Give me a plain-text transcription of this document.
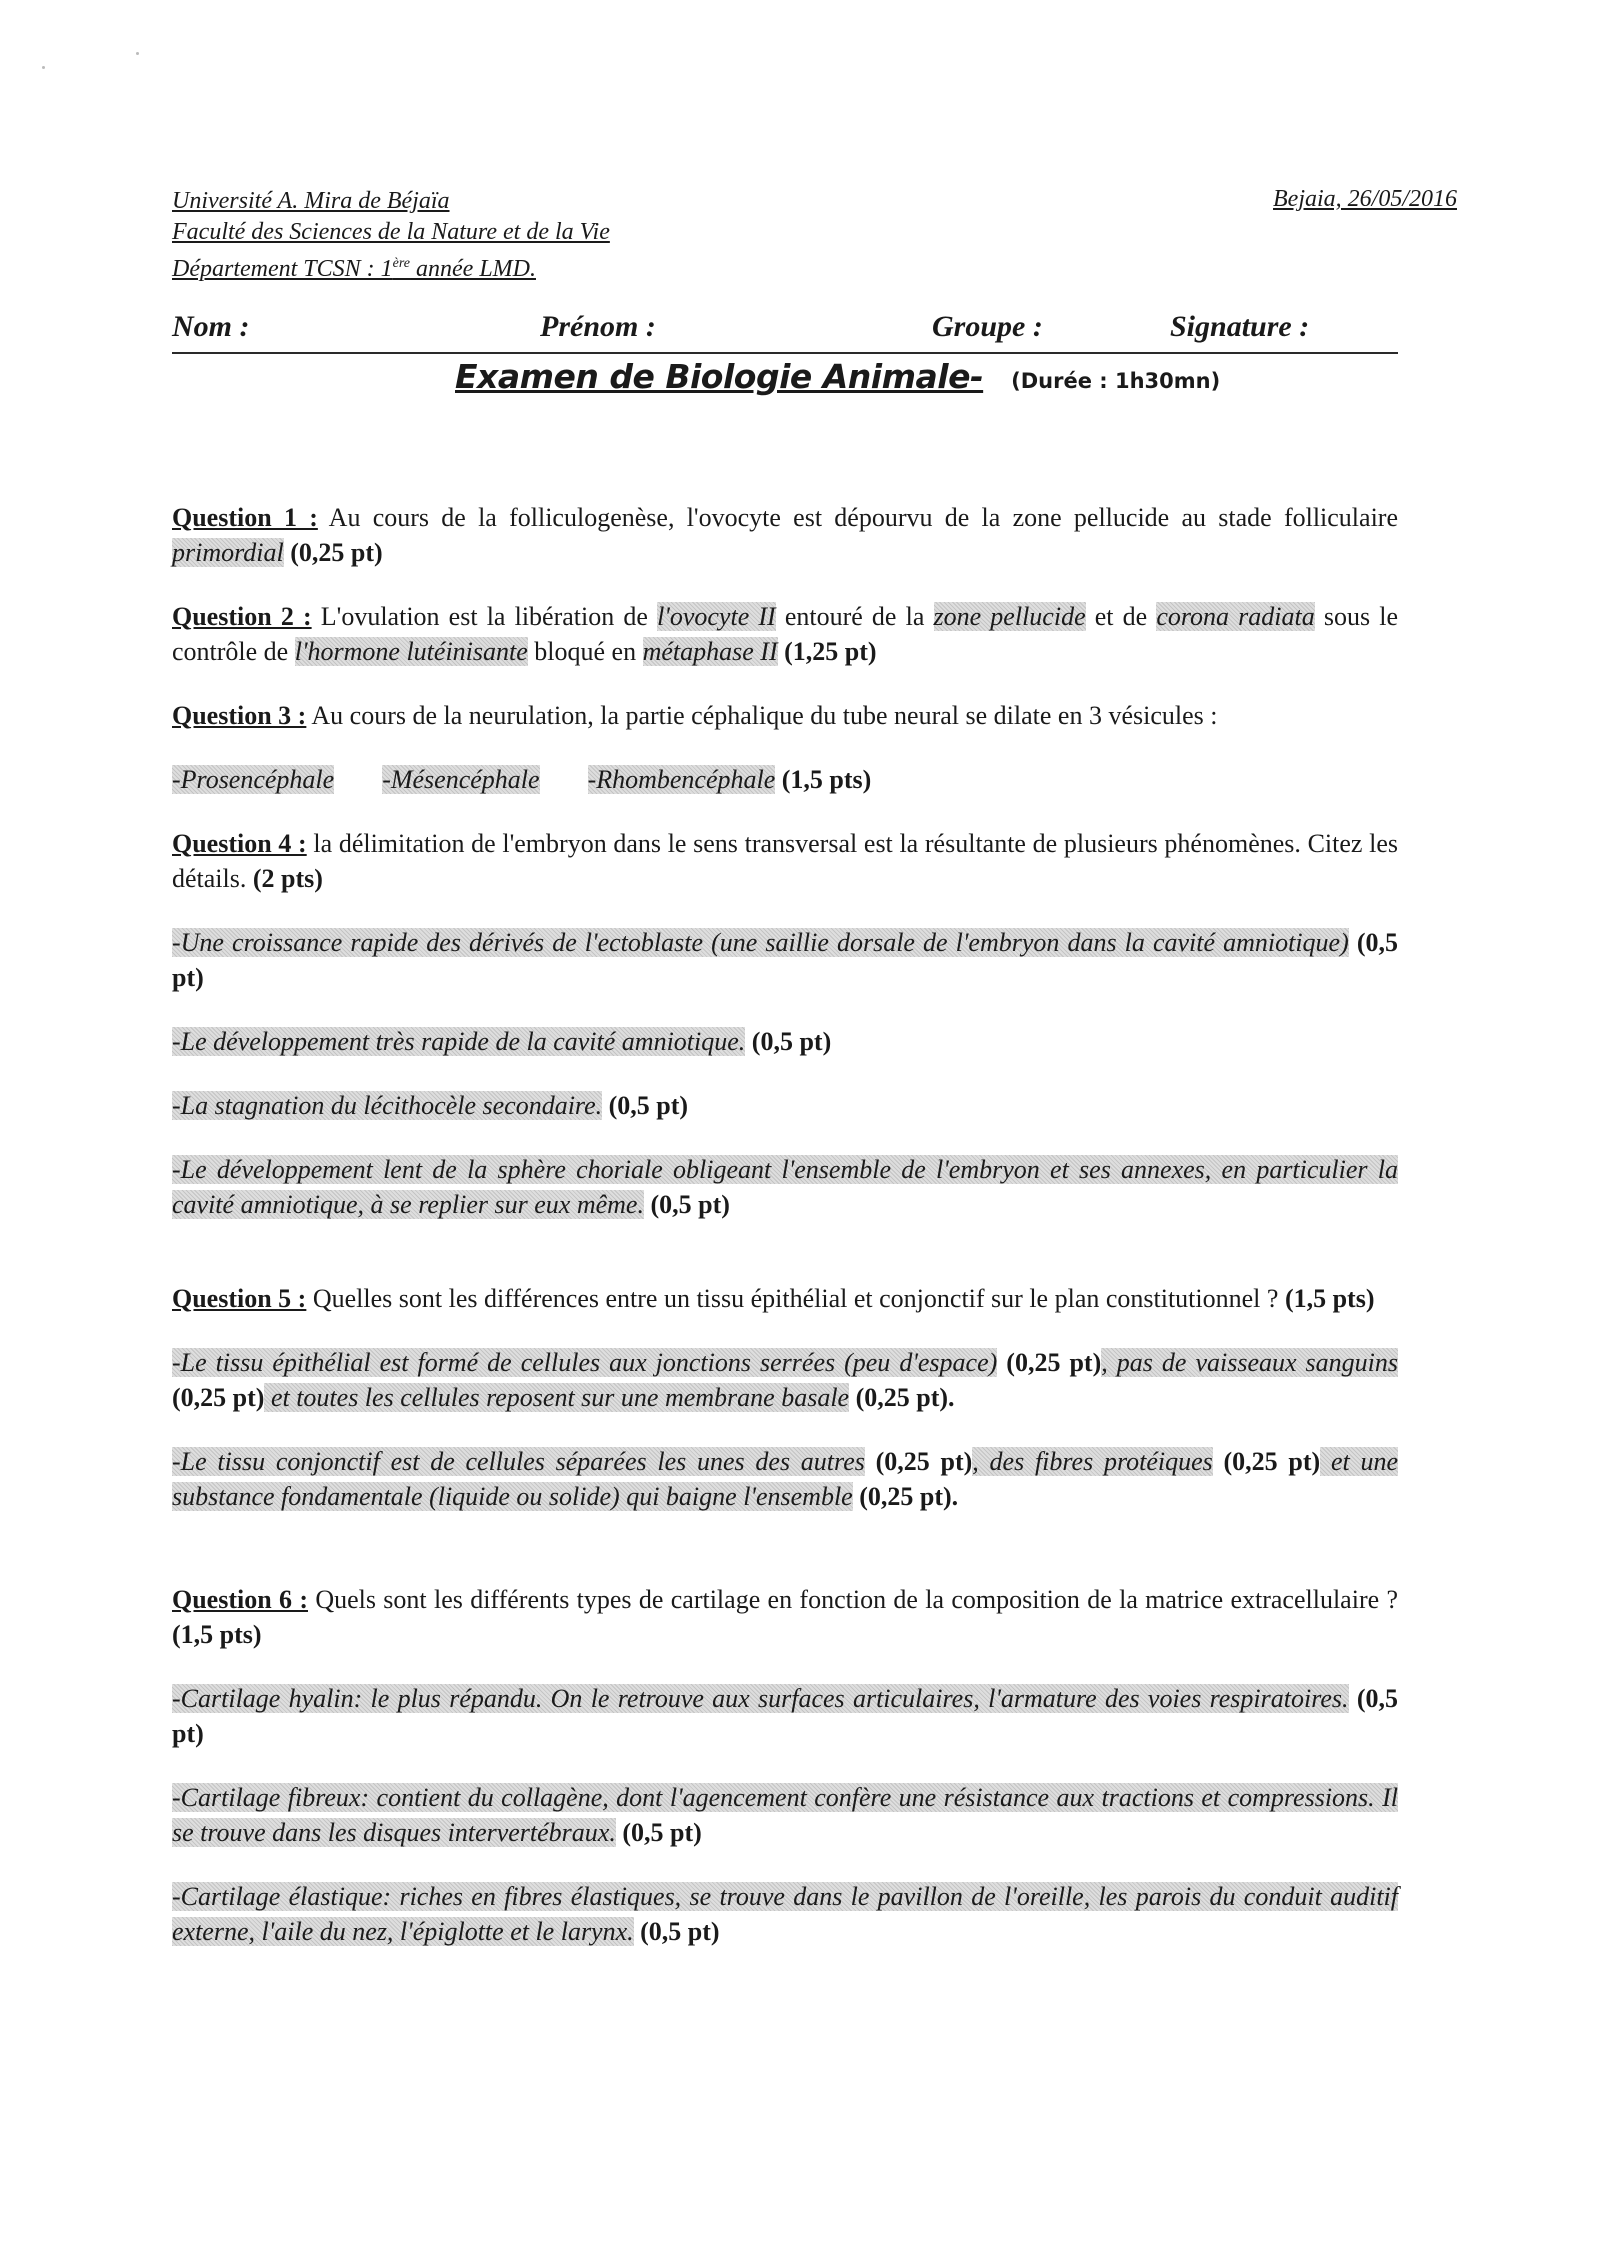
Université A. Mira de Béjaïa
Faculté des Sciences de la Nature et de la Vie
Département TCSN : 1ère année LMD.
Bejaia, 26/05/2016
Nom :	Prénom :	Groupe :	Signature :
Examen de Biologie Animale- (Durée : 1h30mn)

Question 1 : Au cours de la folliculogenèse, l'ovocyte est dépourvu de la zone pellucide au stade folliculaire primordial (0,25 pt)

Question 2 : L'ovulation est la libération de l'ovocyte II entouré de la zone pellucide et de corona radiata sous le contrôle de l'hormone lutéinisante bloqué en métaphase II (1,25 pt)

Question 3 : Au cours de la neurulation, la partie céphalique du tube neural se dilate en 3 vésicules :

-Prosencéphale -Mésencéphale -Rhombencéphale (1,5 pts)

Question 4 : la délimitation de l'embryon dans le sens transversal est la résultante de plusieurs phénomènes. Citez les détails. (2 pts)

-Une croissance rapide des dérivés de l'ectoblaste (une saillie dorsale de l'embryon dans la cavité amniotique) (0,5 pt)

-Le développement très rapide de la cavité amniotique. (0,5 pt)

-La stagnation du lécithocèle secondaire. (0,5 pt)

-Le développement lent de la sphère choriale obligeant l'ensemble de l'embryon et ses annexes, en particulier la cavité amniotique, à se replier sur eux même. (0,5 pt)

Question 5 : Quelles sont les différences entre un tissu épithélial et conjonctif sur le plan constitutionnel ? (1,5 pts)

-Le tissu épithélial est formé de cellules aux jonctions serrées (peu d'espace) (0,25 pt), pas de vaisseaux sanguins (0,25 pt) et toutes les cellules reposent sur une membrane basale (0,25 pt).

-Le tissu conjonctif est de cellules séparées les unes des autres (0,25 pt), des fibres protéiques (0,25 pt) et une substance fondamentale (liquide ou solide) qui baigne l'ensemble (0,25 pt).

Question 6 : Quels sont les différents types de cartilage en fonction de la composition de la matrice extracellulaire ? (1,5 pts)

-Cartilage hyalin: le plus répandu. On le retrouve aux surfaces articulaires, l'armature des voies respiratoires. (0,5 pt)

-Cartilage fibreux: contient du collagène, dont l'agencement confère une résistance aux tractions et compressions. Il se trouve dans les disques intervertébraux. (0,5 pt)

-Cartilage élastique: riches en fibres élastiques, se trouve dans le pavillon de l'oreille, les parois du conduit auditif externe, l'aile du nez, l'épiglotte et le larynx. (0,5 pt)
